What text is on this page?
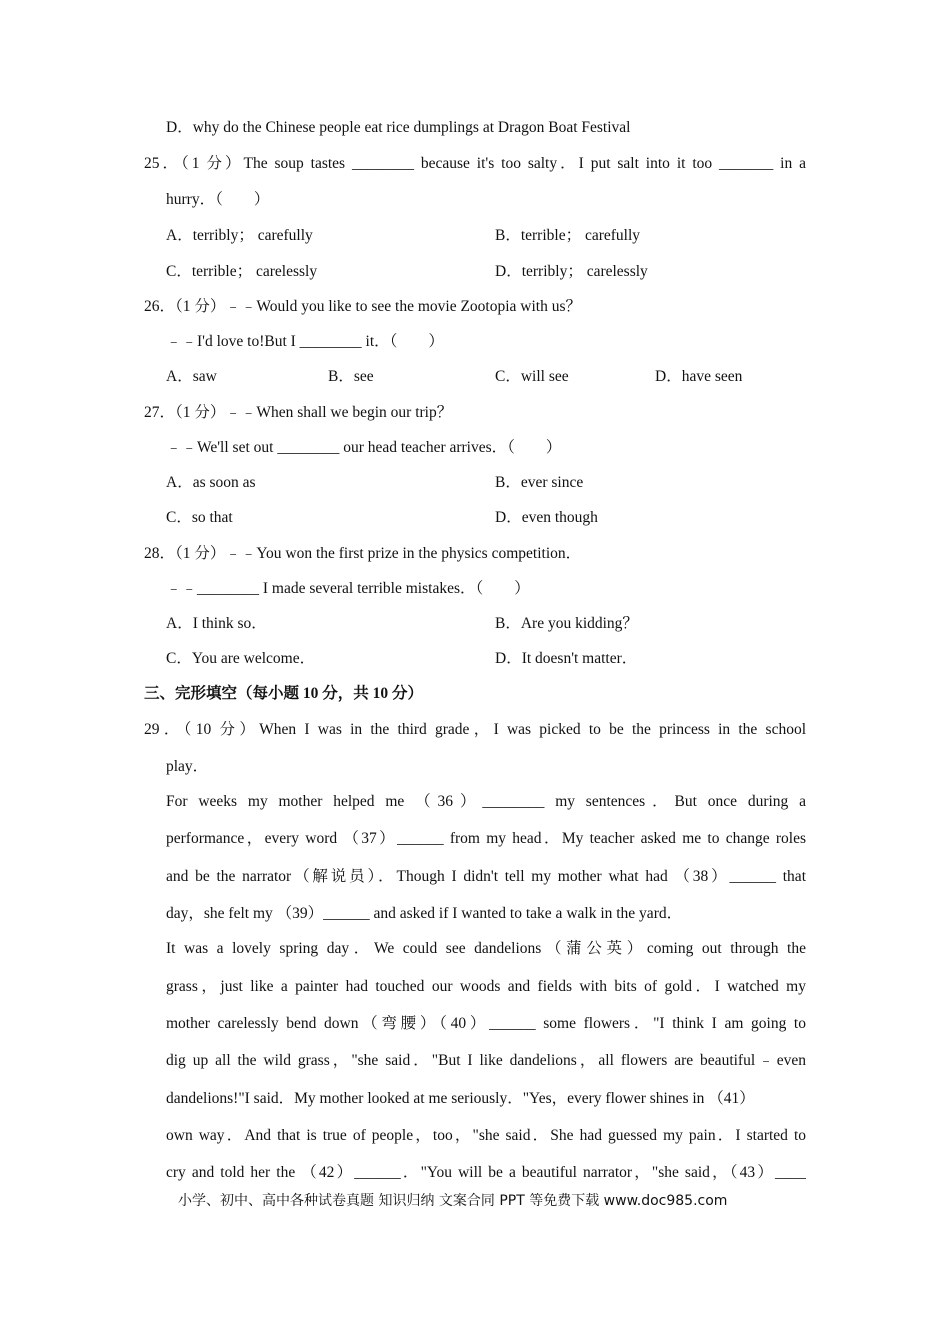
D．why do the Chinese people eat rice dumplings at Dragon Boat Festival
25．（1 分）The soup tastes ________ because it's too salty．I put salt into it too _______ in a
hurry．（　　）
A．terribly； carefully	B．terrible； carefully
C．terrible； carelessly	D．terribly； carelessly
26．（1 分）﹣﹣Would you like to see the movie Zootopia with us？
﹣﹣I'd love to!But I ________ it．（　　）
A．saw	B．see	C．will see	D．have seen
27．（1 分）﹣﹣When shall we begin our trip？
﹣﹣We'll set out ________ our head teacher arrives．（　　）
A．as soon as	B．ever since
C．so that	D．even though
28．（1 分）﹣﹣You won the first prize in the physics competition．
﹣﹣________ I made several terrible mistakes．（　　）
A．I think so．	B．Are you kidding？
C．You are welcome．	D．It doesn't matter．
三、完形填空（每小题 10 分，共 10 分）
29．（10 分）When I was in the third grade，I was picked to be the princess in the school
play．
For weeks my mother helped me （36）________ my sentences．But once during a
performance，every word （37）______ from my head．My teacher asked me to change roles
and be the narrator（解说员）．Though I didn't tell my mother what had （38）______ that
day，she felt my （39）______ and asked if I wanted to take a walk in the yard．
It was a lovely spring day．We could see dandelions（蒲公英）coming out through the
grass，just like a painter had touched our woods and fields with bits of gold．I watched my
mother carelessly bend down（弯腰）（40）______ some flowers．"I think I am going to
dig up all the wild grass，"she said．"But I like dandelions，all flowers are beautiful﹣even
dandelions!"I said．My mother looked at me seriously．"Yes，every flower shines in （41）
own way．And that is true of people，too，"she said．She had guessed my pain．I started to
cry and told her the （42）______．"You will be a beautiful narrator，"she said，（43）____
小学、初中、高中各种试卷真题 知识归纳 文案合同 PPT 等免费下载 www.doc985.com
